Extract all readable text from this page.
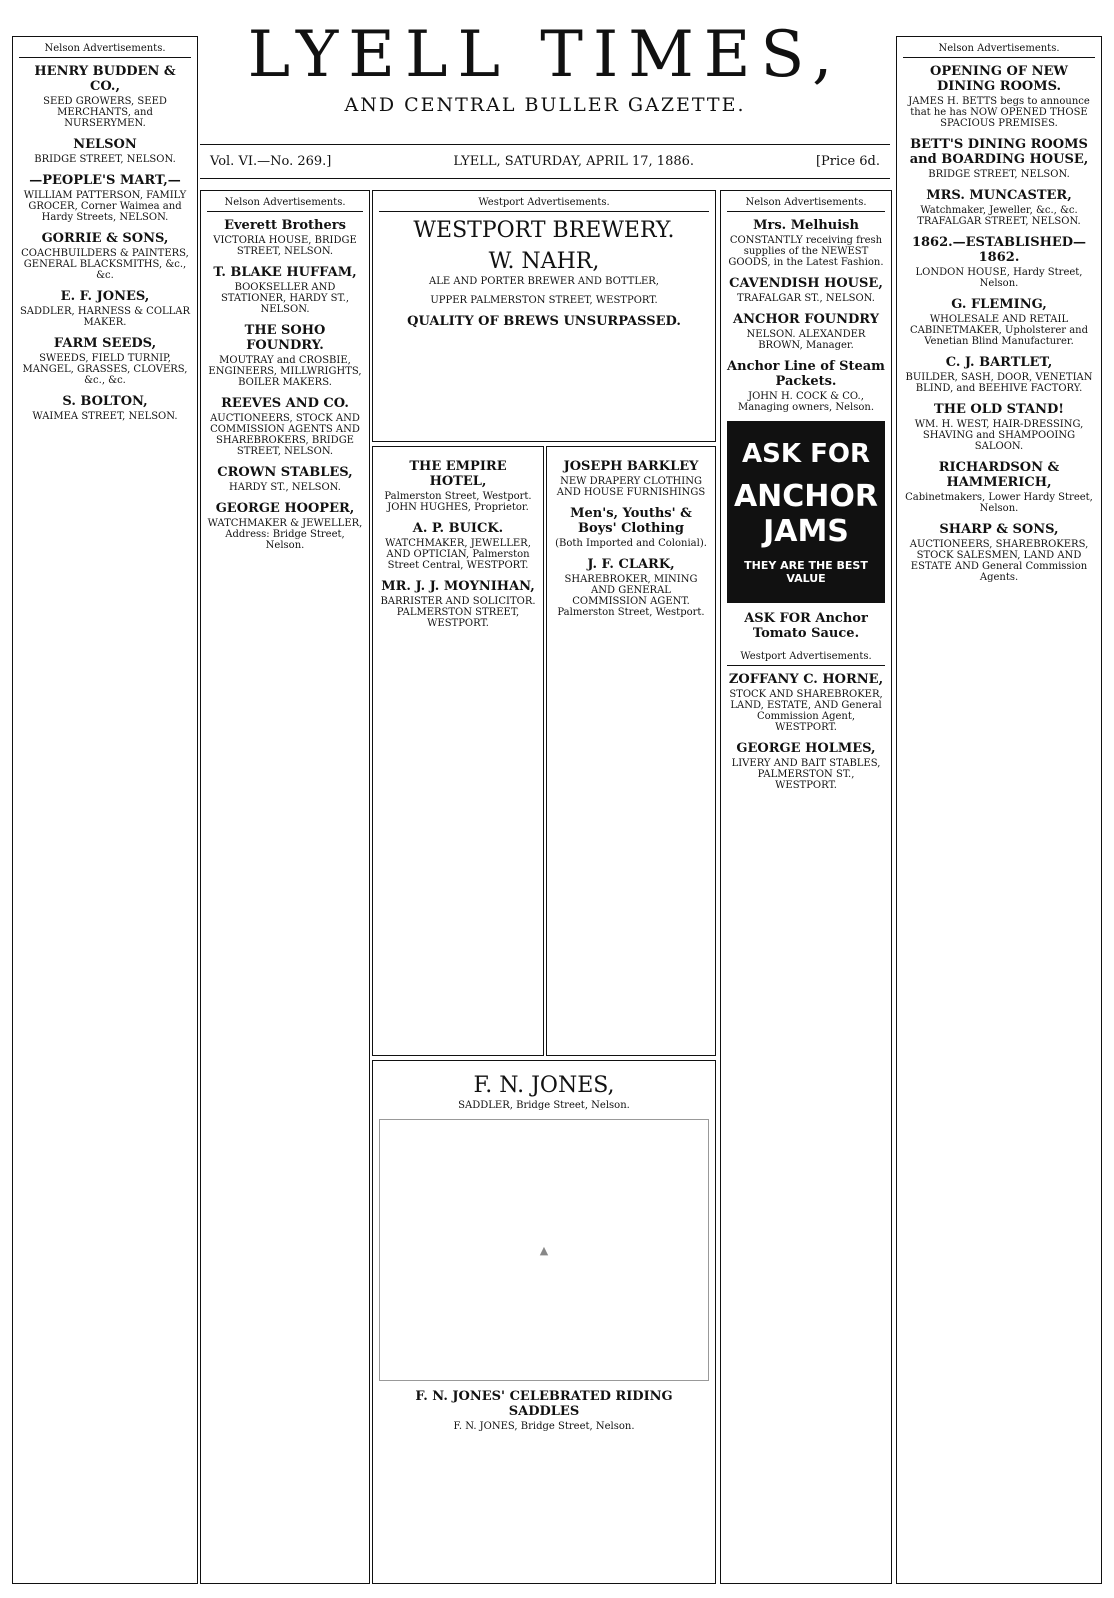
LYELL TIMES,
AND CENTRAL BULLER GAZETTE.
Vol. VI.—No. 269.]	LYELL, SATURDAY, APRIL 17, 1886.	[Price 6d.
Nelson Advertisements.
HENRY BUDDEN & CO.,
SEED GROWERS, SEED MERCHANTS, and NURSERYMEN.
NELSON
BRIDGE STREET, NELSON.
—PEOPLE'S MART,—
WILLIAM PATTERSON, FAMILY GROCER, Corner Waimea and Hardy Streets, NELSON.
GORRIE & SONS,
COACHBUILDERS & PAINTERS, GENERAL BLACKSMITHS, &c., &c.
E. F. JONES,
SADDLER, HARNESS & COLLAR MAKER.
FARM SEEDS,
SWEEDS, FIELD TURNIP, MANGEL, GRASSES, CLOVERS, &c., &c.
S. BOLTON,
WAIMEA STREET, NELSON.
Nelson Advertisements.
Everett Brothers
VICTORIA HOUSE, BRIDGE STREET, NELSON.
T. BLAKE HUFFAM,
BOOKSELLER AND STATIONER, HARDY ST., NELSON.
THE SOHO FOUNDRY.
MOUTRAY and CROSBIE, ENGINEERS, MILLWRIGHTS, BOILER MAKERS.
REEVES AND CO.
AUCTIONEERS, STOCK AND COMMISSION AGENTS AND SHAREBROKERS, BRIDGE STREET, NELSON.
CROWN STABLES,
HARDY ST., NELSON.
GEORGE HOOPER,
WATCHMAKER & JEWELLER, Address: Bridge Street, Nelson.
Westport Advertisements.
WESTPORT BREWERY.
W. NAHR,
ALE AND PORTER BREWER AND BOTTLER,
UPPER PALMERSTON STREET, WESTPORT.
QUALITY OF BREWS UNSURPASSED.
THE EMPIRE HOTEL,
Palmerston Street, Westport. JOHN HUGHES, Proprietor.
A. P. BUICK.
WATCHMAKER, JEWELLER, AND OPTICIAN, Palmerston Street Central, WESTPORT.
MR. J. J. MOYNIHAN,
BARRISTER AND SOLICITOR. PALMERSTON STREET, WESTPORT.
JOSEPH BARKLEY
NEW DRAPERY CLOTHING AND HOUSE FURNISHINGS
Men's, Youths' & Boys' Clothing
(Both Imported and Colonial).
J. F. CLARK,
SHAREBROKER, MINING AND GENERAL COMMISSION AGENT. Palmerston Street, Westport.
F. N. JONES,
SADDLER, Bridge Street, Nelson.
▲
F. N. JONES' CELEBRATED RIDING SADDLES
F. N. JONES, Bridge Street, Nelson.
Nelson Advertisements.
Mrs. Melhuish
CONSTANTLY receiving fresh supplies of the NEWEST GOODS, in the Latest Fashion.
CAVENDISH HOUSE,
TRAFALGAR ST., NELSON.
ANCHOR FOUNDRY
NELSON. ALEXANDER BROWN, Manager.
Anchor Line of Steam Packets.
JOHN H. COCK & CO., Managing owners, Nelson.
ASK FOR
ANCHOR JAMS
THEY ARE THE BEST VALUE
ASK FOR Anchor Tomato Sauce.
Westport Advertisements.
ZOFFANY C. HORNE,
STOCK AND SHAREBROKER, LAND, ESTATE, AND General Commission Agent, WESTPORT.
GEORGE HOLMES,
LIVERY AND BAIT STABLES, PALMERSTON ST., WESTPORT.
Nelson Advertisements.
OPENING OF NEW DINING ROOMS.
JAMES H. BETTS begs to announce that he has NOW OPENED THOSE SPACIOUS PREMISES.
BETT'S DINING ROOMS and BOARDING HOUSE,
BRIDGE STREET, NELSON.
MRS. MUNCASTER,
Watchmaker, Jeweller, &c., &c. TRAFALGAR STREET, NELSON.
1862.—ESTABLISHED—1862.
LONDON HOUSE, Hardy Street, Nelson.
G. FLEMING,
WHOLESALE AND RETAIL CABINETMAKER, Upholsterer and Venetian Blind Manufacturer.
C. J. BARTLET,
BUILDER, SASH, DOOR, VENETIAN BLIND, and BEEHIVE FACTORY.
THE OLD STAND!
WM. H. WEST, HAIR-DRESSING, SHAVING and SHAMPOOING SALOON.
RICHARDSON & HAMMERICH,
Cabinetmakers, Lower Hardy Street, Nelson.
SHARP & SONS,
AUCTIONEERS, SHAREBROKERS, STOCK SALESMEN, LAND AND ESTATE AND General Commission Agents.
